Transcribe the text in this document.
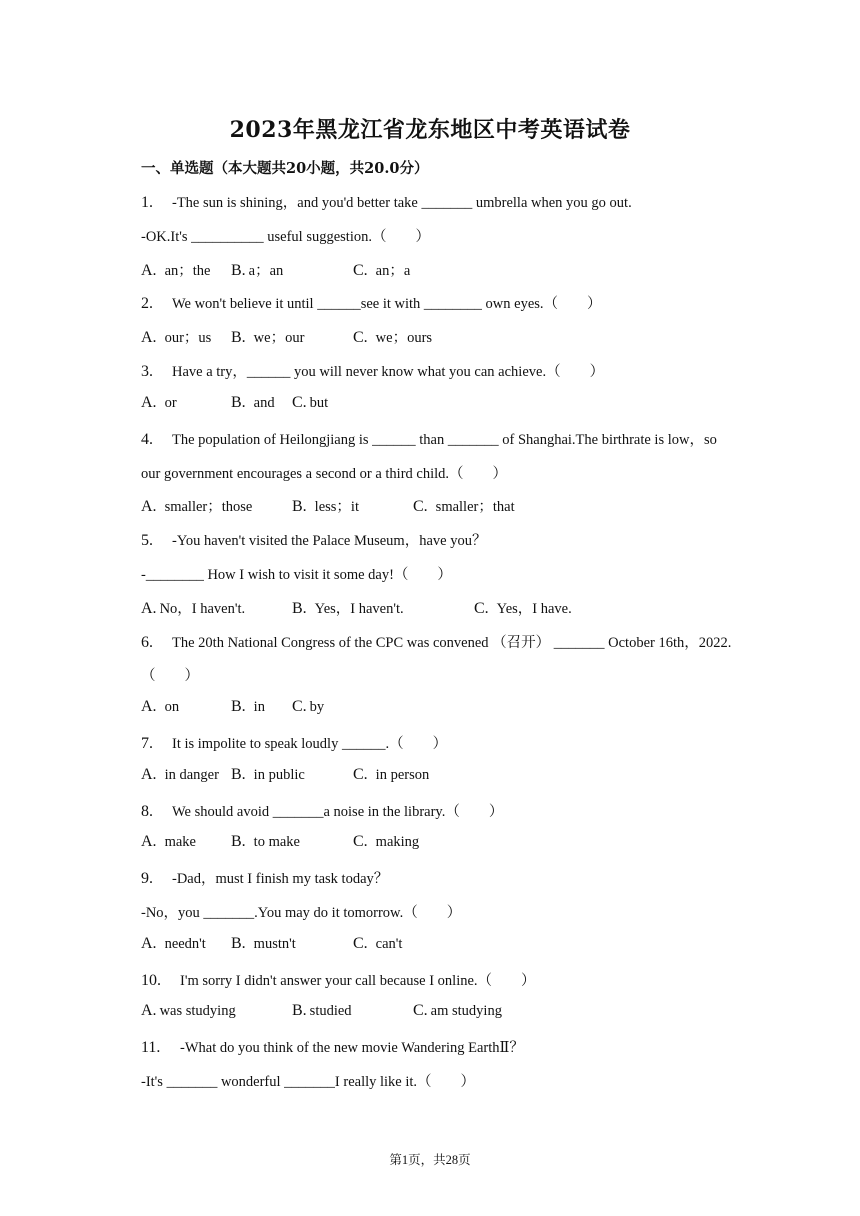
2023年黑龙江省龙东地区中考英语试卷
一、单选题（本大题共20小题，共20.0分）
1. -The sun is shining，and you'd better take _______ umbrella when you go out.
-OK.It's __________ useful suggestion.（　　）
A. an；the B. a；an	C. an；a
2. We won't believe it until ______see it with ________ own eyes.（　　）
A. our；us B. we；our	C. we；ours
3. Have a try，______ you will never know what you can achieve.（　　）
A. or	B. and C. but
4. The population of Heilongjiang is ______ than _______ of Shanghai.The birthrate is low，so
our government encourages a second or a third child.（　　）
A. smaller；those B. less；it	C. smaller；that
5. -You haven't visited the Palace Museum，have you？
-________ How I wish to visit it some day!（　　）
A. No，I haven't.	B. Yes，I haven't.	C. Yes，I have.
6. The 20th National Congress of the CPC was convened （召开） _______ October 16th，2022.
（　　）
A. on	B. in C. by
7. It is impolite to speak loudly ______.（　　）
A. in danger B. in public	C. in person
8. We should avoid _______a noise in the library.（　　）
A. make B. to make	C. making
9. -Dad，must I finish my task today？
-No，you _______.You may do it tomorrow.（　　）
A. needn't B. mustn't	C. can't
10. I'm sorry I didn't answer your call because I online.（　　）
A. was studying	B. studied	C. am studying
11. -What do you think of the new movie Wandering EarthⅡ？
-It's _______ wonderful _______I really like it.（　　）
第1页，共28页
